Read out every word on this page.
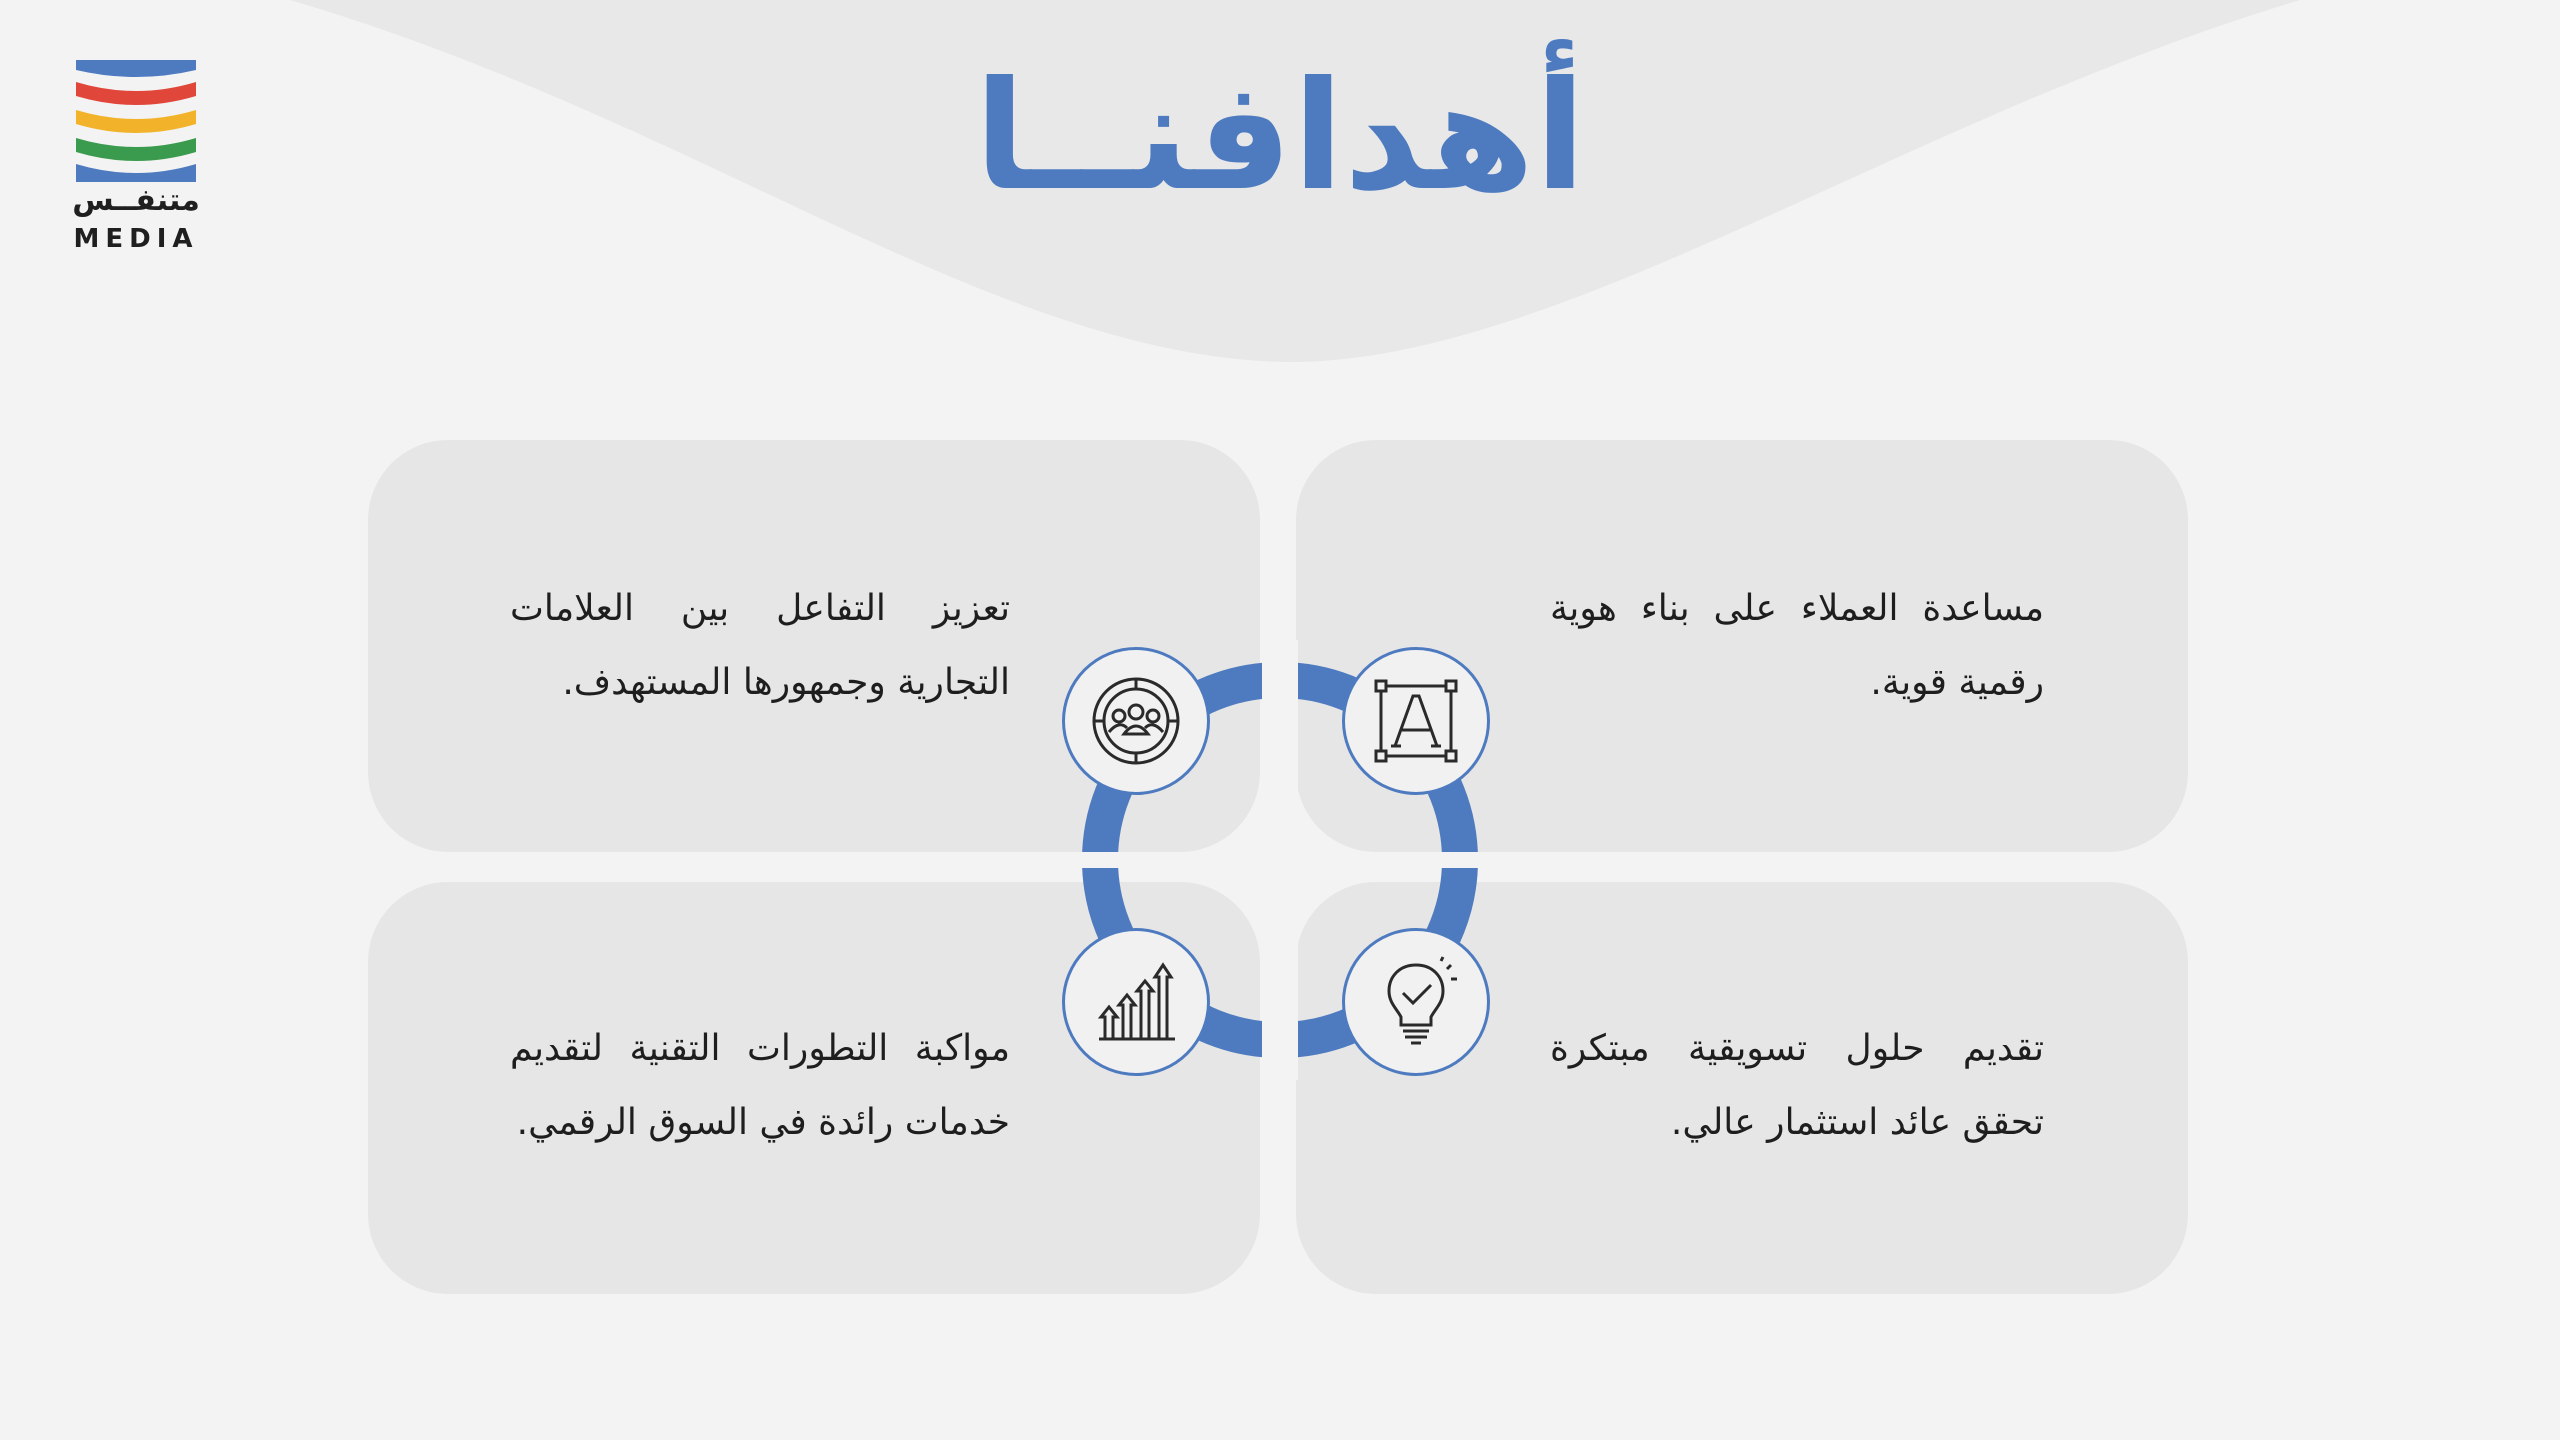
متنفــس
MEDIA
أهدافنــا
مساعدة العملاء على بناء هوية رقمية قوية.
تعزيز التفاعل بين العلامات التجارية وجمهورها المستهدف.
تقديم حلول تسويقية مبتكرة تحقق عائد استثمار عالي.
مواكبة التطورات التقنية لتقديم خدمات رائدة في السوق الرقمي.
